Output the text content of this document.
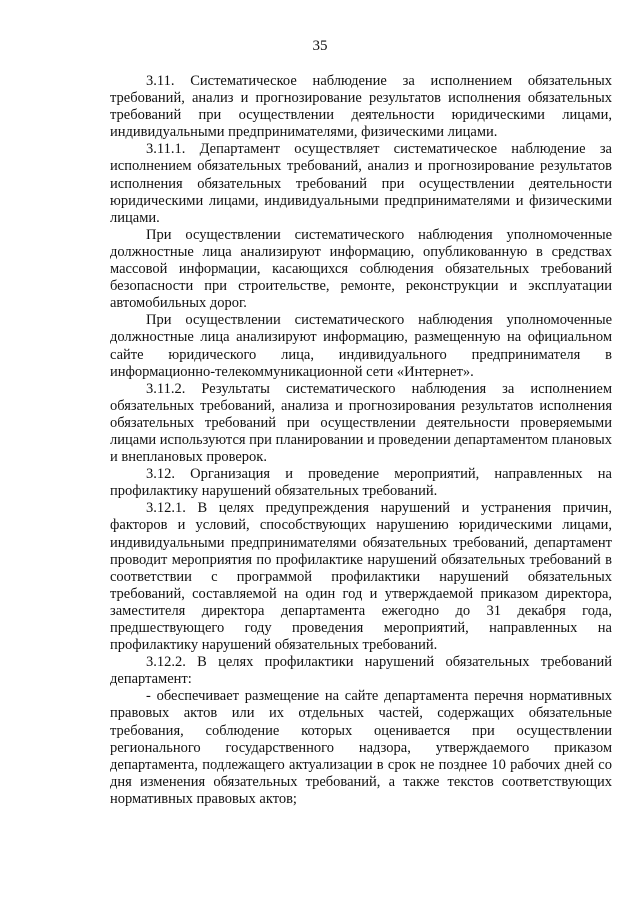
35

3.11. Систематическое наблюдение за исполнением обязательных требований, анализ и прогнозирование результатов исполнения обязательных требований при осуществлении деятельности юридическими лицами, индивидуальными предпринимателями, физическими лицами.

3.11.1. Департамент осуществляет систематическое наблюдение за исполнением обязательных требований, анализ и прогнозирование результатов исполнения обязательных требований при осуществлении деятельности юридическими лицами, индивидуальными предпринимателями и физическими лицами.

При осуществлении систематического наблюдения уполномоченные должностные лица анализируют информацию, опубликованную в средствах массовой информации, касающихся соблюдения обязательных требований безопасности при строительстве, ремонте, реконструкции и эксплуатации автомобильных дорог.

При осуществлении систематического наблюдения уполномоченные должностные лица анализируют информацию, размещенную на официальном сайте юридического лица, индивидуального предпринимателя в информационно-телекоммуникационной сети «Интернет».

3.11.2. Результаты систематического наблюдения за исполнением обязательных требований, анализа и прогнозирования результатов исполнения обязательных требований при осуществлении деятельности проверяемыми лицами используются при планировании и проведении департаментом плановых и внеплановых проверок.

3.12. Организация и проведение мероприятий, направленных на профилактику нарушений обязательных требований.

3.12.1. В целях предупреждения нарушений и устранения причин, факторов и условий, способствующих нарушению юридическими лицами, индивидуальными предпринимателями обязательных требований, департамент проводит мероприятия по профилактике нарушений обязательных требований в соответствии с программой профилактики нарушений обязательных требований, составляемой на один год и утверждаемой приказом директора, заместителя директора департамента ежегодно до 31 декабря года, предшествующего году проведения мероприятий, направленных на профилактику нарушений обязательных требований.

3.12.2. В целях профилактики нарушений обязательных требований департамент:

- обеспечивает размещение на сайте департамента перечня нормативных правовых актов или их отдельных частей, содержащих обязательные требования, соблюдение которых оценивается при осуществлении регионального государственного надзора, утверждаемого приказом департамента, подлежащего актуализации в срок не позднее 10 рабочих дней со дня изменения обязательных требований, а также текстов соответствующих нормативных правовых актов;
